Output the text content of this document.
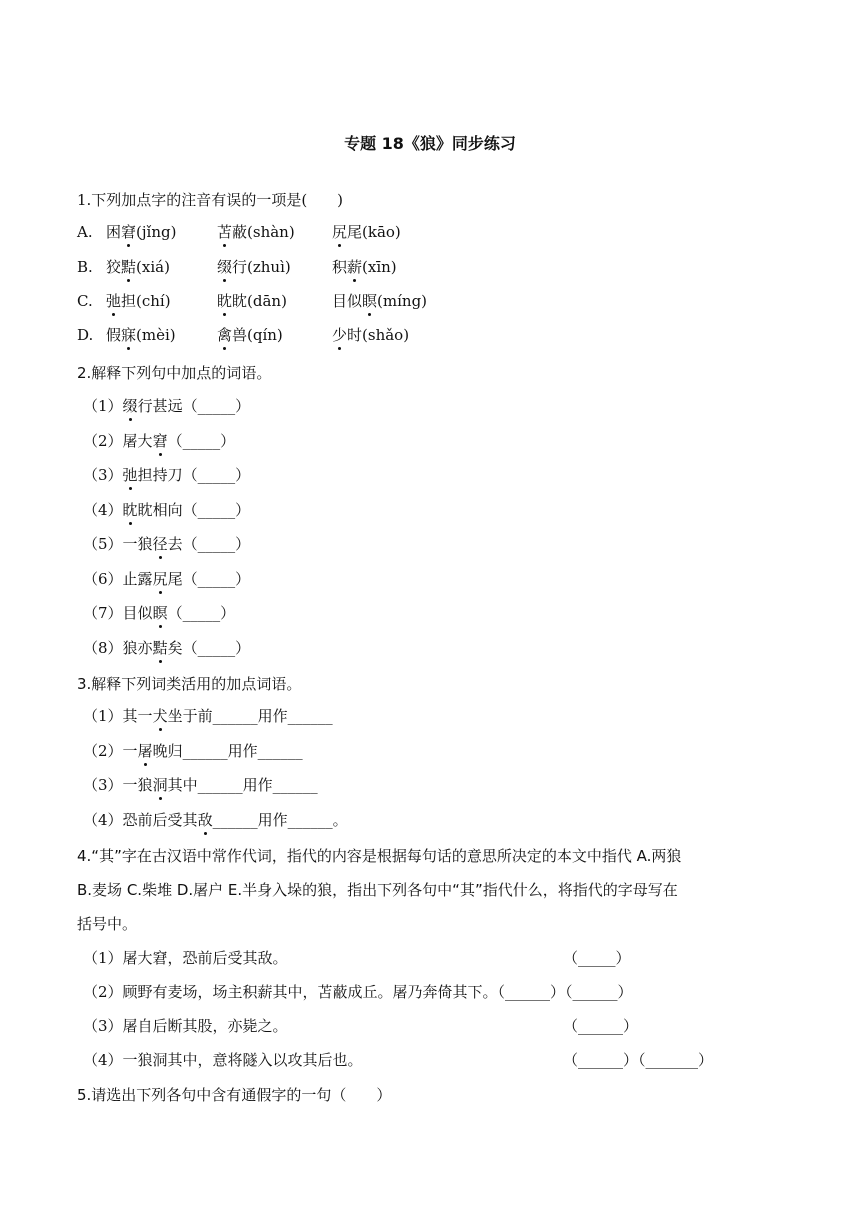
专题 18《狼》同步练习
1.下列加点字的注音有误的一项是(　　)
A. 困窘(jǐng)	苫蔽(shàn) 尻尾(kāo)
B. 狡黠(xiá)	缀行(zhuì)	积薪(xīn)
C. 弛担(chí)	眈眈(dān)	目似瞑(míng)
D. 假寐(mèi)	禽兽(qín)	少时(shǎo)
2.解释下列句中加点的词语。
（1）缀行甚远（_____）
（2）屠大窘（_____）
（3）弛担持刀（_____）
（4）眈眈相向（_____）
（5）一狼径去（_____）
（6）止露尻尾（_____）
（7）目似瞑（_____）
（8）狼亦黠矣（_____）
3.解释下列词类活用的加点词语。
（1）其一犬坐于前______用作______
（2）一屠晚归______用作______
（3）一狼洞其中______用作______
（4）恐前后受其敌______用作______。
4.“其”字在古汉语中常作代词，指代的内容是根据每句话的意思所决定的本文中指代 A.两狼
B.麦场 C.柴堆 D.屠户 E.半身入垛的狼，指出下列各句中“其”指代什么，将指代的字母写在
括号中。
（1）屠大窘，恐前后受其敌。	（_____）
（2）顾野有麦场，场主积薪其中，苫蔽成丘。屠乃奔倚其下。（______）（______）
（3）屠自后断其股，亦毙之。	（______）
（4）一狼洞其中，意将隧入以攻其后也。	（______）（_______）
5.请选出下列各句中含有通假字的一句（　　）
